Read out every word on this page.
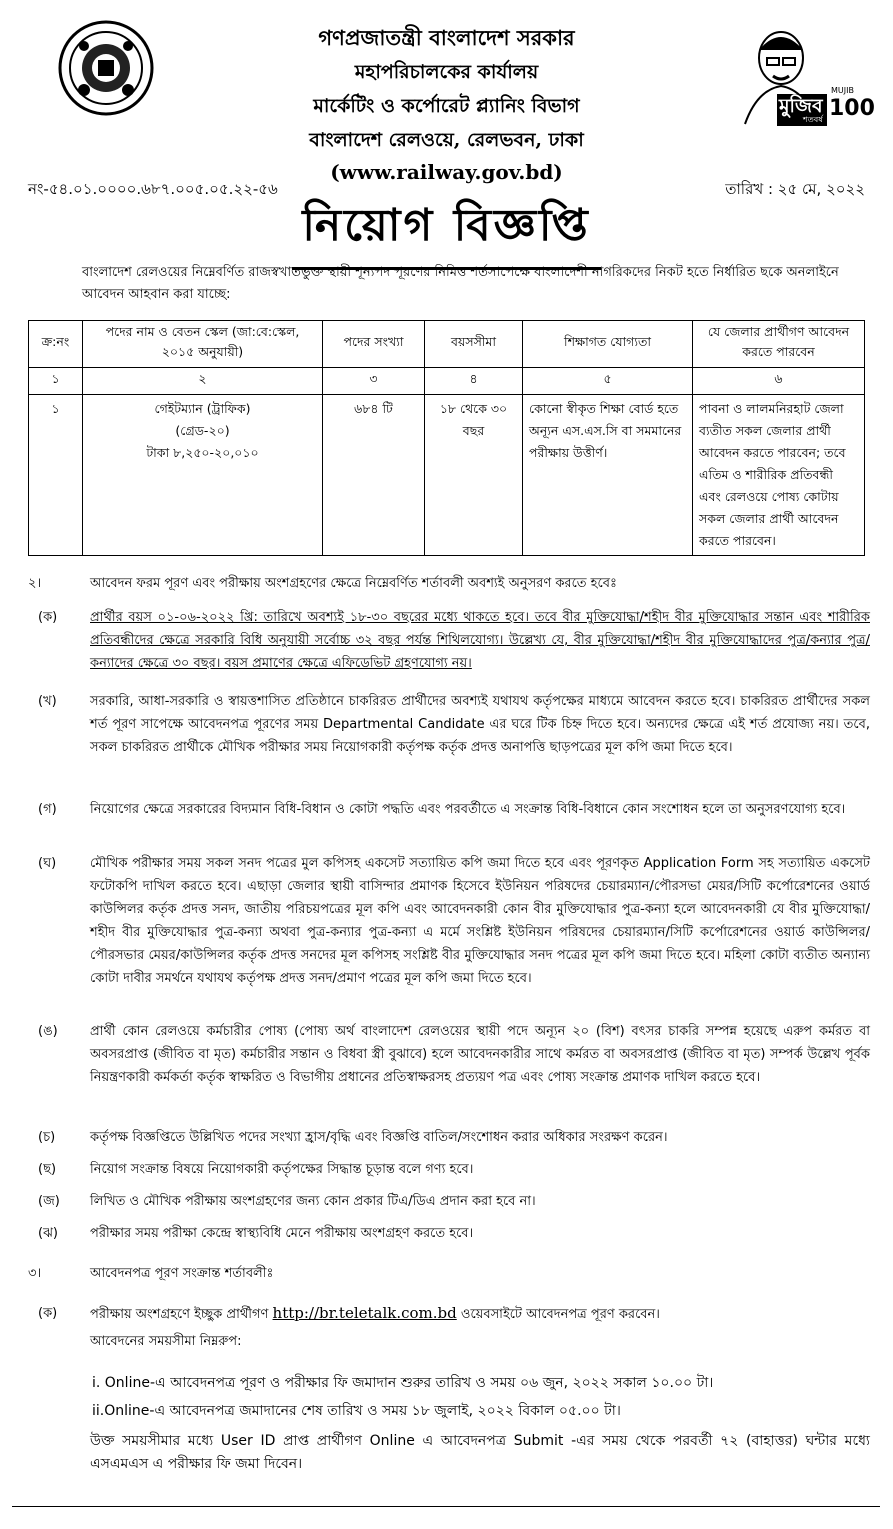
গণপ্রজাতন্ত্রী বাংলাদেশ সরকার
মহাপরিচালকের কার্যালয়
মার্কেটিং ও কর্পোরেট প্ল্যানিং বিভাগ
বাংলাদেশ রেলওয়ে, রেলভবন, ঢাকা
(www.railway.gov.bd)
মুজিব
শতবর্ষ
MUJIB
100
নং-৫৪.০১.০০০০.৬৮৭.০০৫.০৫.২২-৫৬	তারিখ : ২৫ মে, ২০২২
নিয়োগ বিজ্ঞপ্তি

বাংলাদেশ রেলওয়ের নিম্নেবর্ণিত রাজস্বখাতভুক্ত স্থায়ী শূন্যপদ পূরণের নিমিত্ত শর্তসাপেক্ষে বাংলাদেশী নাগরিকদের নিকট হতে নির্ধারিত ছকে অনলাইনে আবেদন আহবান করা যাচ্ছে:

ক্র:নং	পদের নাম ও বেতন স্কেল (জা:বে:স্কেল, ২০১৫ অনুযায়ী)	পদের সংখ্যা	বয়সসীমা	শিক্ষাগত যোগ্যতা	যে জেলার প্রার্থীগণ আবেদন করতে পারবেন
১	২	৩	৪	৫	৬
১	গেইটম্যান (ট্রাফিক)
(গ্রেড-২০)
টাকা ৮,২৫০-২০,০১০	৬৮৪ টি	১৮ থেকে ৩০ বছর	কোনো স্বীকৃত শিক্ষা বোর্ড হতে অন্যূন এস.এস.সি বা সমমানের পরীক্ষায় উত্তীর্ণ।	পাবনা ও লালমনিরহাট জেলা ব্যতীত সকল জেলার প্রার্থী আবেদন করতে পারবেন; তবে এতিম ও শারীরিক প্রতিবন্ধী এবং রেলওয়ে পোষ্য কোটায় সকল জেলার প্রার্থী আবেদন করতে পারবেন।
২।	আবেদন ফরম পূরণ এবং পরীক্ষায় অংশগ্রহণের ক্ষেত্রে নিম্নেবর্ণিত শর্তাবলী অবশ্যই অনুসরণ করতে হবেঃ
(ক)	প্রার্থীর বয়স ০১-০৬-২০২২ খ্রি: তারিখে অবশ্যই ১৮-৩০ বছরের মধ্যে থাকতে হবে। তবে বীর মুক্তিযোদ্ধা/শহীদ বীর মুক্তিযোদ্ধার সন্তান এবং শারীরিক প্রতিবন্ধীদের ক্ষেত্রে সরকারি বিধি অনুযায়ী সর্বোচ্চ ৩২ বছর পর্যন্ত শিথিলযোগ্য। উল্লেখ্য যে, বীর মুক্তিযোদ্ধা/শহীদ বীর মুক্তিযোদ্ধাদের পুত্র/কন্যার পুত্র/কন্যাদের ক্ষেত্রে ৩০ বছর। বয়স প্রমাণের ক্ষেত্রে এফিডেভিট গ্রহণযোগ্য নয়।
(খ)	সরকারি, আধা-সরকারি ও স্বায়ত্তশাসিত প্রতিষ্ঠানে চাকরিরত প্রার্থীদের অবশ্যই যথাযথ কর্তৃপক্ষের মাধ্যমে আবেদন করতে হবে। চাকরিরত প্রার্থীদের সকল শর্ত পূরণ সাপেক্ষে আবেদনপত্র পূরণের সময় Departmental Candidate এর ঘরে টিক চিহ্ন দিতে হবে। অন্যদের ক্ষেত্রে এই শর্ত প্রযোজ্য নয়। তবে, সকল চাকরিরত প্রার্থীকে মৌখিক পরীক্ষার সময় নিয়োগকারী কর্তৃপক্ষ কর্তৃক প্রদত্ত অনাপত্তি ছাড়পত্রের মূল কপি জমা দিতে হবে।
(গ)	নিয়োগের ক্ষেত্রে সরকারের বিদ্যমান বিধি-বিধান ও কোটা পদ্ধতি এবং পরবর্তীতে এ সংক্রান্ত বিধি-বিধানে কোন সংশোধন হলে তা অনুসরণযোগ্য হবে।
(ঘ)	মৌখিক পরীক্ষার সময় সকল সনদ পত্রের মুল কপিসহ একসেট সত্যায়িত কপি জমা দিতে হবে এবং পূরণকৃত Application Form সহ সত্যায়িত একসেট ফটোকপি দাখিল করতে হবে। এছাড়া জেলার স্থায়ী বাসিন্দার প্রমাণক হিসেবে ইউনিয়ন পরিষদের চেয়ারম্যান/পৌরসভা মেয়র/সিটি কর্পোরেশনের ওয়ার্ড কাউন্সিলর কর্তৃক প্রদত্ত সনদ, জাতীয় পরিচয়পত্রের মূল কপি এবং আবেদনকারী কোন বীর মুক্তিযোদ্ধার পুত্র-কন্যা হলে আবেদনকারী যে বীর মুক্তিযোদ্ধা/শহীদ বীর মুক্তিযোদ্ধার পুত্র-কন্যা অথবা পুত্র-কন্যার পুত্র-কন্যা এ মর্মে সংশ্লিষ্ট ইউনিয়ন পরিষদের চেয়ারম্যান/সিটি কর্পোরেশনের ওয়ার্ড কাউন্সিলর/পৌরসভার মেয়র/কাউন্সিলর কর্তৃক প্রদত্ত সনদের মূল কপিসহ সংশ্লিষ্ট বীর মুক্তিযোদ্ধার সনদ পত্রের মূল কপি জমা দিতে হবে। মহিলা কোটা ব্যতীত অন্যান্য কোটা দাবীর সমর্থনে যথাযথ কর্তৃপক্ষ প্রদত্ত সনদ/প্রমাণ পত্রের মূল কপি জমা দিতে হবে।
(ঙ) প্রার্থী কোন রেলওয়ে কর্মচারীর পোষ্য (পোষ্য অর্থ বাংলাদেশ রেলওয়ের স্থায়ী পদে অন্যূন ২০ (বিশ) বৎসর চাকরি সম্পন্ন হয়েছে এরুপ কর্মরত বা অবসরপ্রাপ্ত (জীবিত বা মৃত) কর্মচারীর সন্তান ও বিধবা স্ত্রী বুঝাবে) হলে আবেদনকারীর সাথে কর্মরত বা অবসরপ্রাপ্ত (জীবিত বা মৃত) সম্পর্ক উল্লেখ পূর্বক নিয়ন্ত্রণকারী কর্মকর্তা কর্তৃক স্বাক্ষরিত ও বিভাগীয় প্রধানের প্রতিস্বাক্ষরসহ প্রত্যয়ণ পত্র এবং পোষ্য সংক্রান্ত প্রমাণক দাখিল করতে হবে।
(চ)	কর্তৃপক্ষ বিজ্ঞপ্তিতে উল্লিখিত পদের সংখ্যা হ্রাস/বৃদ্ধি এবং বিজ্ঞপ্তি বাতিল/সংশোধন করার অধিকার সংরক্ষণ করেন।
(ছ)	নিয়োগ সংক্রান্ত বিষয়ে নিয়োগকারী কর্তৃপক্ষের সিদ্ধান্ত চূড়ান্ত বলে গণ্য হবে।
(জ) লিখিত ও মৌখিক পরীক্ষায় অংশগ্রহণের জন্য কোন প্রকার টিএ/ডিএ প্রদান করা হবে না।
(ঝ) পরীক্ষার সময় পরীক্ষা কেন্দ্রে স্বাস্থ্যবিধি মেনে পরীক্ষায় অংশগ্রহণ করতে হবে।
৩।	আবেদনপত্র পূরণ সংক্রান্ত শর্তাবলীঃ
(ক)	পরীক্ষায় অংশগ্রহণে ইচ্ছুক প্রার্থীগণ http://br.teletalk.com.bd ওয়েবসাইটে আবেদনপত্র পূরণ করবেন।
আবেদনের সময়সীমা নিম্নরুপ:
i. Online-এ আবেদনপত্র পূরণ ও পরীক্ষার ফি জমাদান শুরুর তারিখ ও সময় ০৬ জুন, ২০২২ সকাল ১০.০০ টা।
ii.Online-এ আবেদনপত্র জমাদানের শেষ তারিখ ও সময় ১৮ জুলাই, ২০২২ বিকাল ০৫.০০ টা।
উক্ত সময়সীমার মধ্যে User ID প্রাপ্ত প্রার্থীগণ Online এ আবেদনপত্র Submit -এর সময় থেকে পরবর্তী ৭২ (বাহাত্তর) ঘন্টার মধ্যে এসএমএস এ পরীক্ষার ফি জমা দিবেন।
